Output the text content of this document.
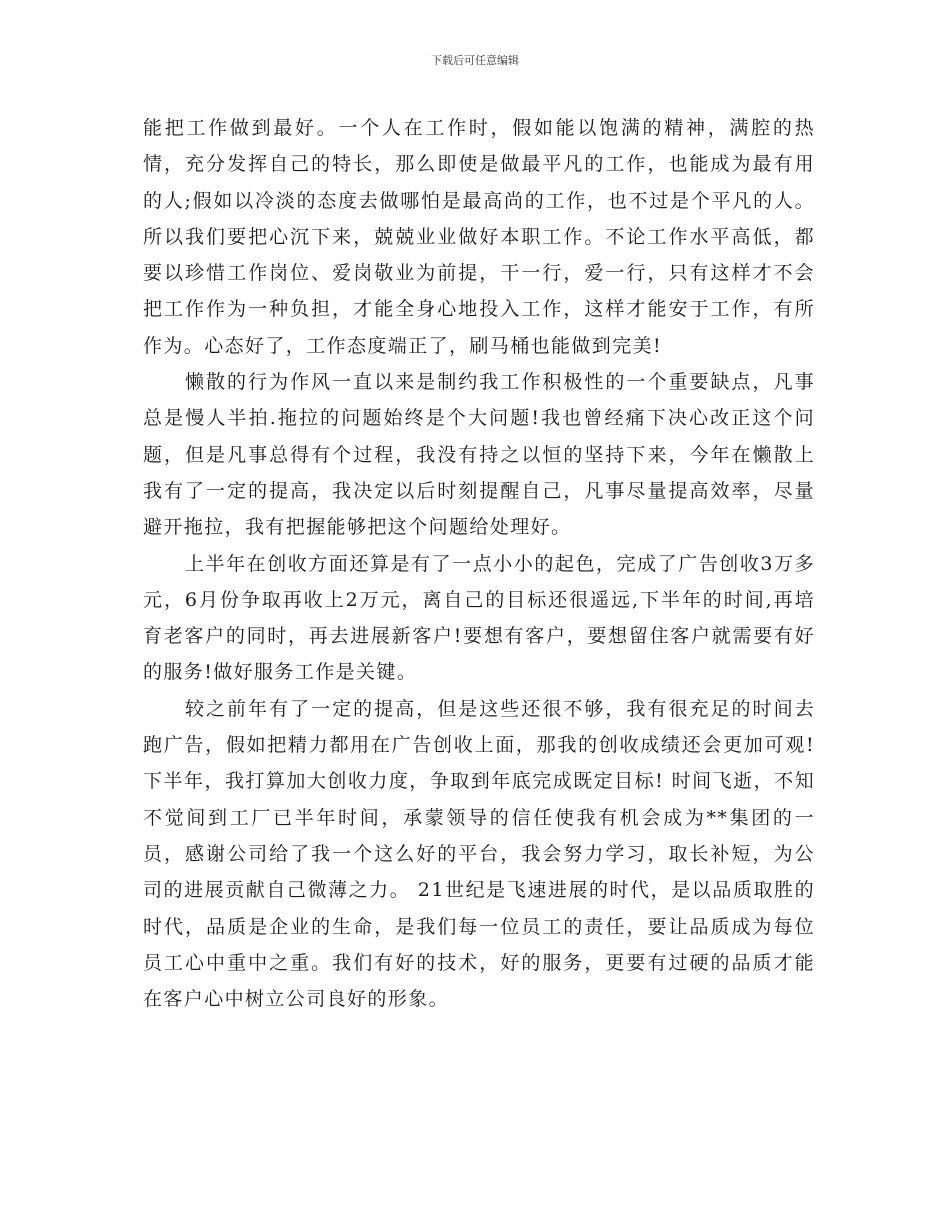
下载后可任意编辑

能把工作做到最好。一个人在工作时，假如能以饱满的精神，满腔的热情，充分发挥自己的特长，那么即使是做最平凡的工作，也能成为最有用的人;假如以冷淡的态度去做哪怕是最高尚的工作，也不过是个平凡的人。 所以我们要把心沉下来，兢兢业业做好本职工作。不论工作水平高低，都要以珍惜工作岗位、爱岗敬业为前提，干一行，爱一行，只有这样才不会把工作作为一种负担，才能全身心地投入工作，这样才能安于工作，有所作为。心态好了，工作态度端正了，刷马桶也能做到完美!

懒散的行为作风一直以来是制约我工作积极性的一个重要缺点，凡事总是慢人半拍.拖拉的问题始终是个大问题!我也曾经痛下决心改正这个问题，但是凡事总得有个过程，我没有持之以恒的坚持下来，今年在懒散上我有了一定的提高，我决定以后时刻提醒自己，凡事尽量提高效率，尽量避开拖拉，我有把握能够把这个问题给处理好。

上半年在创收方面还算是有了一点小小的起色，完成了广告创收3万多元，6月份争取再收上2万元，离自己的目标还很遥远,下半年的时间,再培育老客户的同时，再去进展新客户!要想有客户，要想留住客户就需要有好的服务!做好服务工作是关键。

较之前年有了一定的提高，但是这些还很不够，我有很充足的时间去跑广告，假如把精力都用在广告创收上面，那我的创收成绩还会更加可观!下半年，我打算加大创收力度，争取到年底完成既定目标! 时间飞逝，不知不觉间到工厂已半年时间，承蒙领导的信任使我有机会成为**集团的一员，感谢公司给了我一个这么好的平台，我会努力学习，取长补短，为公司的进展贡献自己微薄之力。 21世纪是飞速进展的时代，是以品质取胜的时代，品质是企业的生命，是我们每一位员工的责任，要让品质成为每位员工心中重中之重。我们有好的技术，好的服务，更要有过硬的品质才能在客户心中树立公司良好的形象。
